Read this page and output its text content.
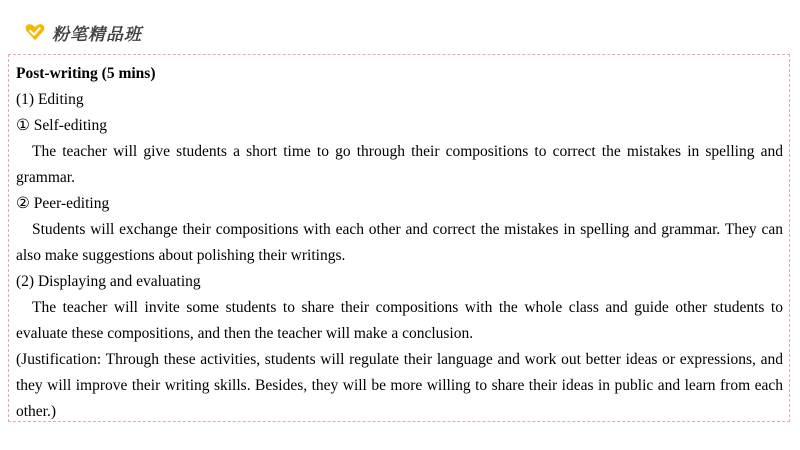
粉笔精品班

Post-writing (5 mins)

(1) Editing

① Self-editing

The teacher will give students a short time to go through their compositions to correct the mistakes in spelling and grammar.

② Peer-editing

Students will exchange their compositions with each other and correct the mistakes in spelling and grammar. They can also make suggestions about polishing their writings.

(2) Displaying and evaluating

The teacher will invite some students to share their compositions with the whole class and guide other students to evaluate these compositions, and then the teacher will make a conclusion.

(Justification: Through these activities, students will regulate their language and work out better ideas or expressions, and they will improve their writing skills. Besides, they will be more willing to share their ideas in public and learn from each other.)
